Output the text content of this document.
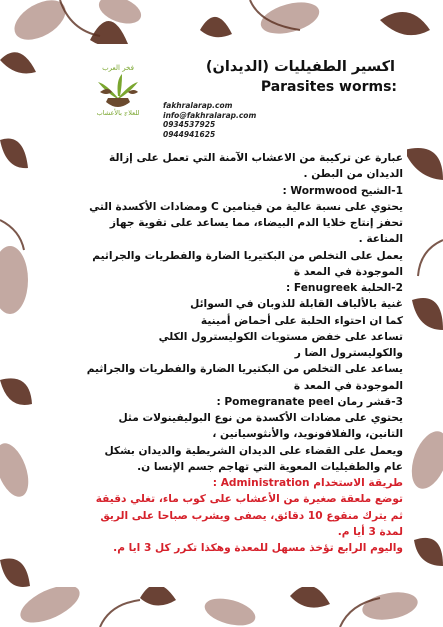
فخر العرب
للعلاج بالأعشاب
اكسير الطفيليات (الديدان)
Parasites worms:
fakhralarap.com
info@fakhralarap.com
0934537925
0944941625
عبارة عن تركيبة من الاعشاب الآمنة التي تعمل على إزالة
الديدان من البطن .
1-الشيح Wormwood :
يحتوي على نسبة عالية من فيتامين C ومضادات الأكسدة التي
تحفز إنتاج خلايا الدم البيضاء، مما يساعد على تقوية جهاز
المناعة .
يعمل على التخلص من البكتيريا الضارة والفطريات والجراثيم
الموجودة في المعد ة
2-الحلبة Fenugreek :
غنية بالألياف القابلة للذوبان في السوائل
كما ان احتواء الحلبة على أحماض أمينية
تساعد على خفض مستويات الكوليسترول الكلي
والكوليسترول الضا ر
يساعد على التخلص من البكتيريا الضارة والفطريات والجراثيم
الموجودة في المعد ة
3-قشر رمان Pomegranate peel :
يحتوي على مضادات الأكسدة من نوع البوليفينولات مثل
التانين، والفلافونويد، والأنثوسيانين ،
ويعمل على القضاء على الديدان الشريطية والديدان بشكل
عام والطفيليات المعوية التي تهاجم جسم الإنسا ن.
طريقة الاستخدام Administration :
توضع ملعقة صغيرة من الأعشاب على كوب ماء، تغلي دقيقة
ثم يترك منقوع 10 دقائق، يصفى ويشرب صباحا على الريق
لمدة 3 أيا م.
واليوم الرابع تؤخذ مسهل للمعدة وهكذا تكرر كل 3 ايا م.
